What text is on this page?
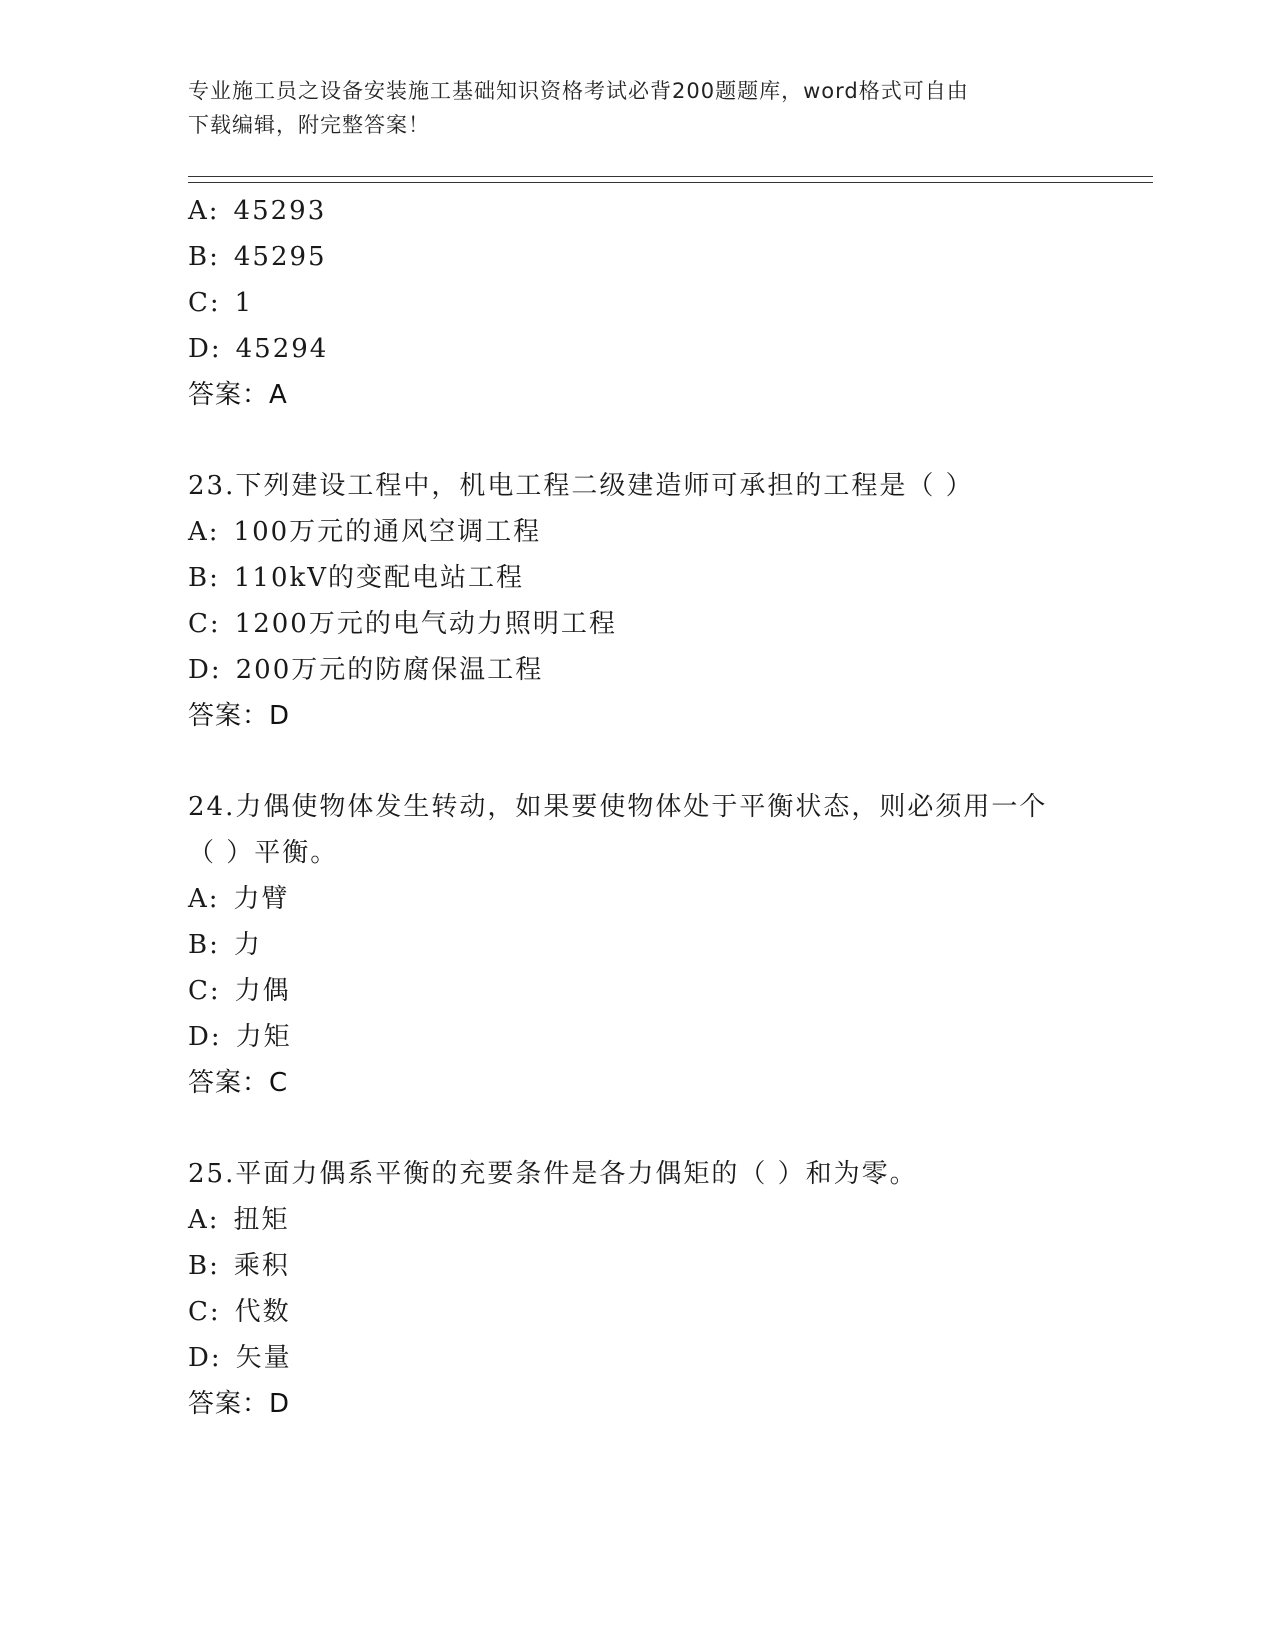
专业施工员之设备安装施工基础知识资格考试必背200题题库，word格式可自由
下载编辑，附完整答案！
A: 45293
B: 45295
C: 1
D: 45294
答案：A
23.下列建设工程中，机电工程二级建造师可承担的工程是（ ）
A: 100万元的通风空调工程
B: 110kV的变配电站工程
C: 1200万元的电气动力照明工程
D: 200万元的防腐保温工程
答案：D
24.力偶使物体发生转动，如果要使物体处于平衡状态，则必须用一个
（ ）平衡。
A: 力臂
B: 力
C: 力偶
D: 力矩
答案：C
25.平面力偶系平衡的充要条件是各力偶矩的（ ）和为零。
A: 扭矩
B: 乘积
C: 代数
D: 矢量
答案：D
